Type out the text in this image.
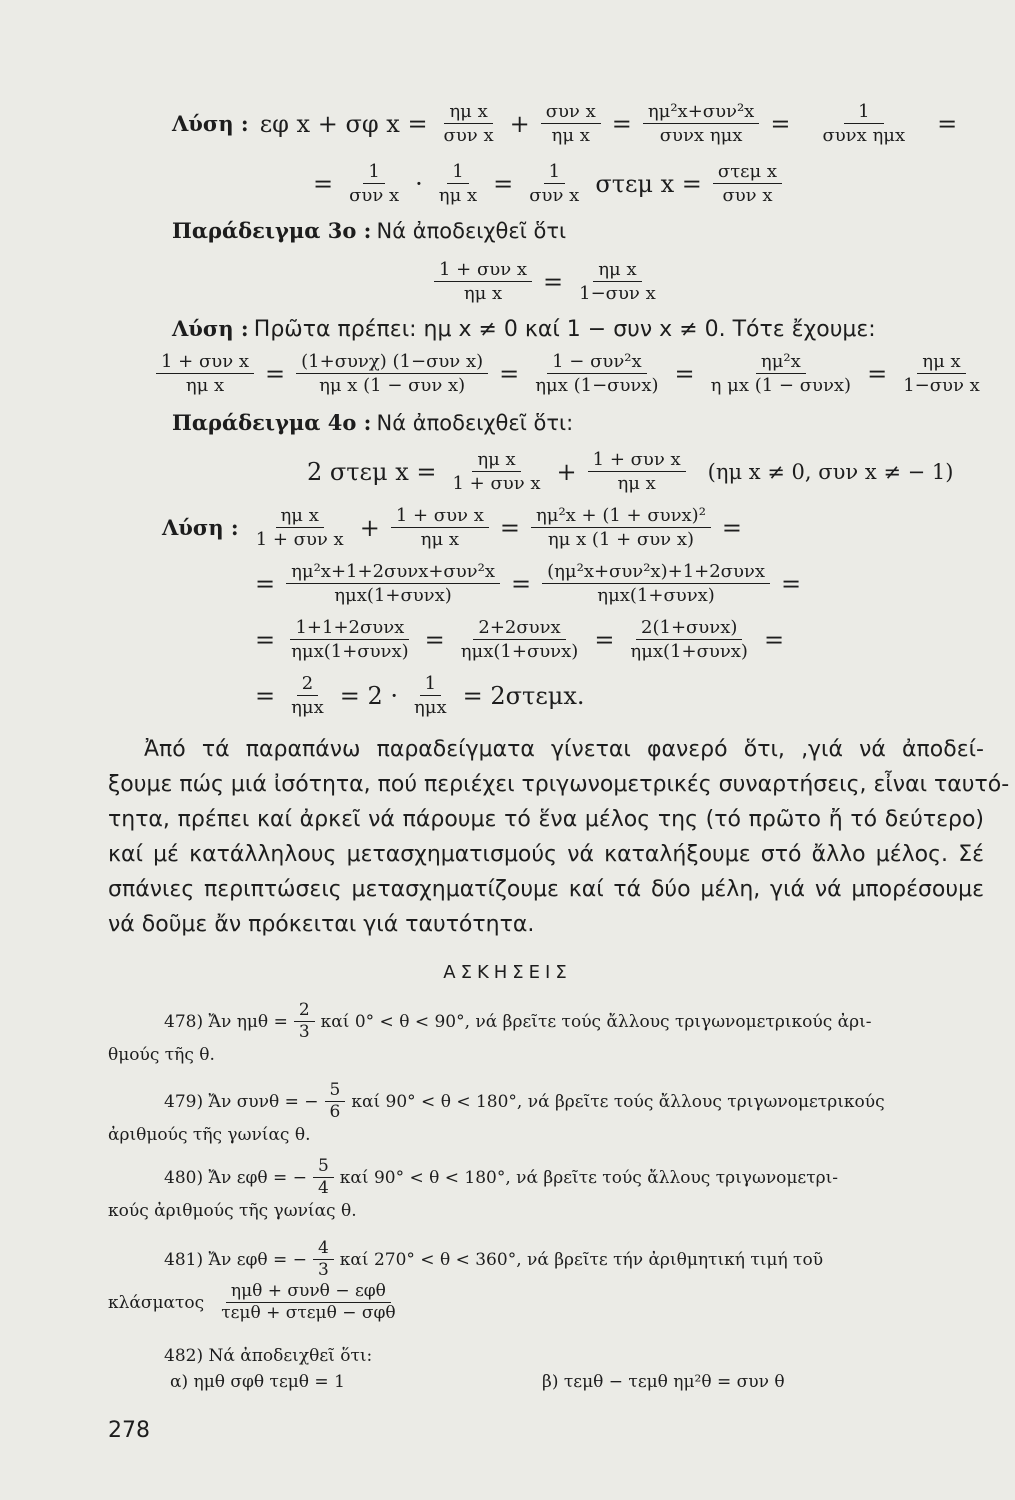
Λύση : εφ x + σφ $x = \frac{\text{ημ x}}{\text{συν x}} + \frac{\text{συν x}}{\text{ημ x}} = \frac{\text{ημ²x+συν²x}}{\text{συνx ημx}} = \frac{1}{\text{συνx ημx}}$ =
= $\frac{1}{\text{συν x}} \cdot \frac{1}{\text{ημ x}} = \frac{1}{\text{συν x}}$ στεμ $x = \frac{\text{στεμ x}}{\text{συν x}}$
Παράδειγμα 3ο : Νά ἀποδειχθεῖ ὅτι
$\frac{\text{1 + συν x}}{\text{ημ x}} = \frac{\text{ημ x}}{\text{1−συν x}}$
Λύση : Πρῶτα πρέπει: ημ x ≠ 0 καί 1 − συν x ≠ 0. Τότε ἔχουμε:
$\frac{\text{1 + συν x}}{\text{ημ x}} = \frac{\text{(1+συνχ) (1−συν x)}}{\text{ημ x (1 − συν x)}} = \frac{\text{1 − συν²x}}{\text{ημx (1−συνx)}} = \frac{\text{ημ²x}}{\text{η μx (1 − συνx)}} = \frac{\text{ημ x}}{\text{1−συν x}}$
Παράδειγμα 4ο : Νά ἀποδειχθεῖ ὅτι:
2 στεμ $x = \frac{\text{ημ x}}{\text{1 + συν x}} + \frac{\text{1 + συν x}}{\text{ημ x}} (\eta\mu$ x ≠ 0, συν x ≠ − 1)
Λύση : $\frac{\text{ημ x}}{\text{1 + συν x}} + \frac{\text{1 + συν x}}{\text{ημ x}} = \frac{\text{ημ²x + (1 + συνx)²}}{\text{ημ x (1 + συν x)}}$ =
= $\frac{\text{ημ²x+1+2συνx+συν²x}}{\text{ημx(1+συνx)}} = \frac{\text{(ημ²x+συν²x)+1+2συνx}}{\text{ημx(1+συνx)}}$ =
= $\frac{\text{1+1+2συνx}}{\text{ημx(1+συνx)}} = \frac{\text{2+2συνx}}{\text{ημx(1+συνx)}} = \frac{\text{2(1+συνx)}}{\text{ημx(1+συνx)}}$ =
= $\frac{2}{\text{ημx}} = 2 \cdot \frac{1}{\text{ημx}} = 2\sigma\tau\varepsilon\mu x$.
Ἀπό τά παραπάνω παραδείγματα γίνεται φανερό ὅτι, ‚γιά νά ἀποδεί-
ξουμε πώς μιά ἰσότητα, πού περιέχει τριγωνομετρικές συναρτήσεις, εἶναι ταυτό-
τητα, πρέπει καί ἀρκεῖ νά πάρουμε τό ἕνα μέλος της (τό πρῶτο ἤ τό δεύτερο)
καί μέ κατάλληλους μετασχηματισμούς νά καταλήξουμε στό ἄλλο μέλος. Σέ
σπάνιες περιπτώσεις μετασχηματίζουμε καί τά δύο μέλη, γιά νά μπορέσουμε
νά δοῦμε ἄν πρόκειται γιά ταυτότητα.
ΑΣΚΗΣΕΙΣ
478) Ἄν $\eta\mu\theta = \frac{2}{3}$ καί 0° < θ < 90°, νά βρεῖτε τούς ἄλλους τριγωνομετρικούς ἀρι-
θμούς τῆς θ.
479) Ἄν συνθ = − $\frac{5}{6}$ καί 90° < θ < 180°, νά βρεῖτε τούς ἄλλους τριγωνομετρικούς
ἀριθμούς τῆς γωνίας θ.
480) Ἄν εφθ = − $\frac{5}{4}$ καί 90° < θ < 180°, νά βρεῖτε τούς ἄλλους τριγωνομετρι-
κούς ἀριθμούς τῆς γωνίας θ.
481) Ἄν εφθ = − $\frac{4}{3}$ καί 270° < θ < 360°, νά βρεῖτε τήν ἀριθμητική τιμή τοῦ
κλάσματος $\frac{\text{ημθ + συνθ − εφθ}}{\text{τεμθ + στεμθ − σφθ}}$
482) Νά ἀποδειχθεῖ ὅτι:
α) ημθ σφθ τεμθ = 1	β) τεμθ − τεμθ ημ²θ = συν θ
278
